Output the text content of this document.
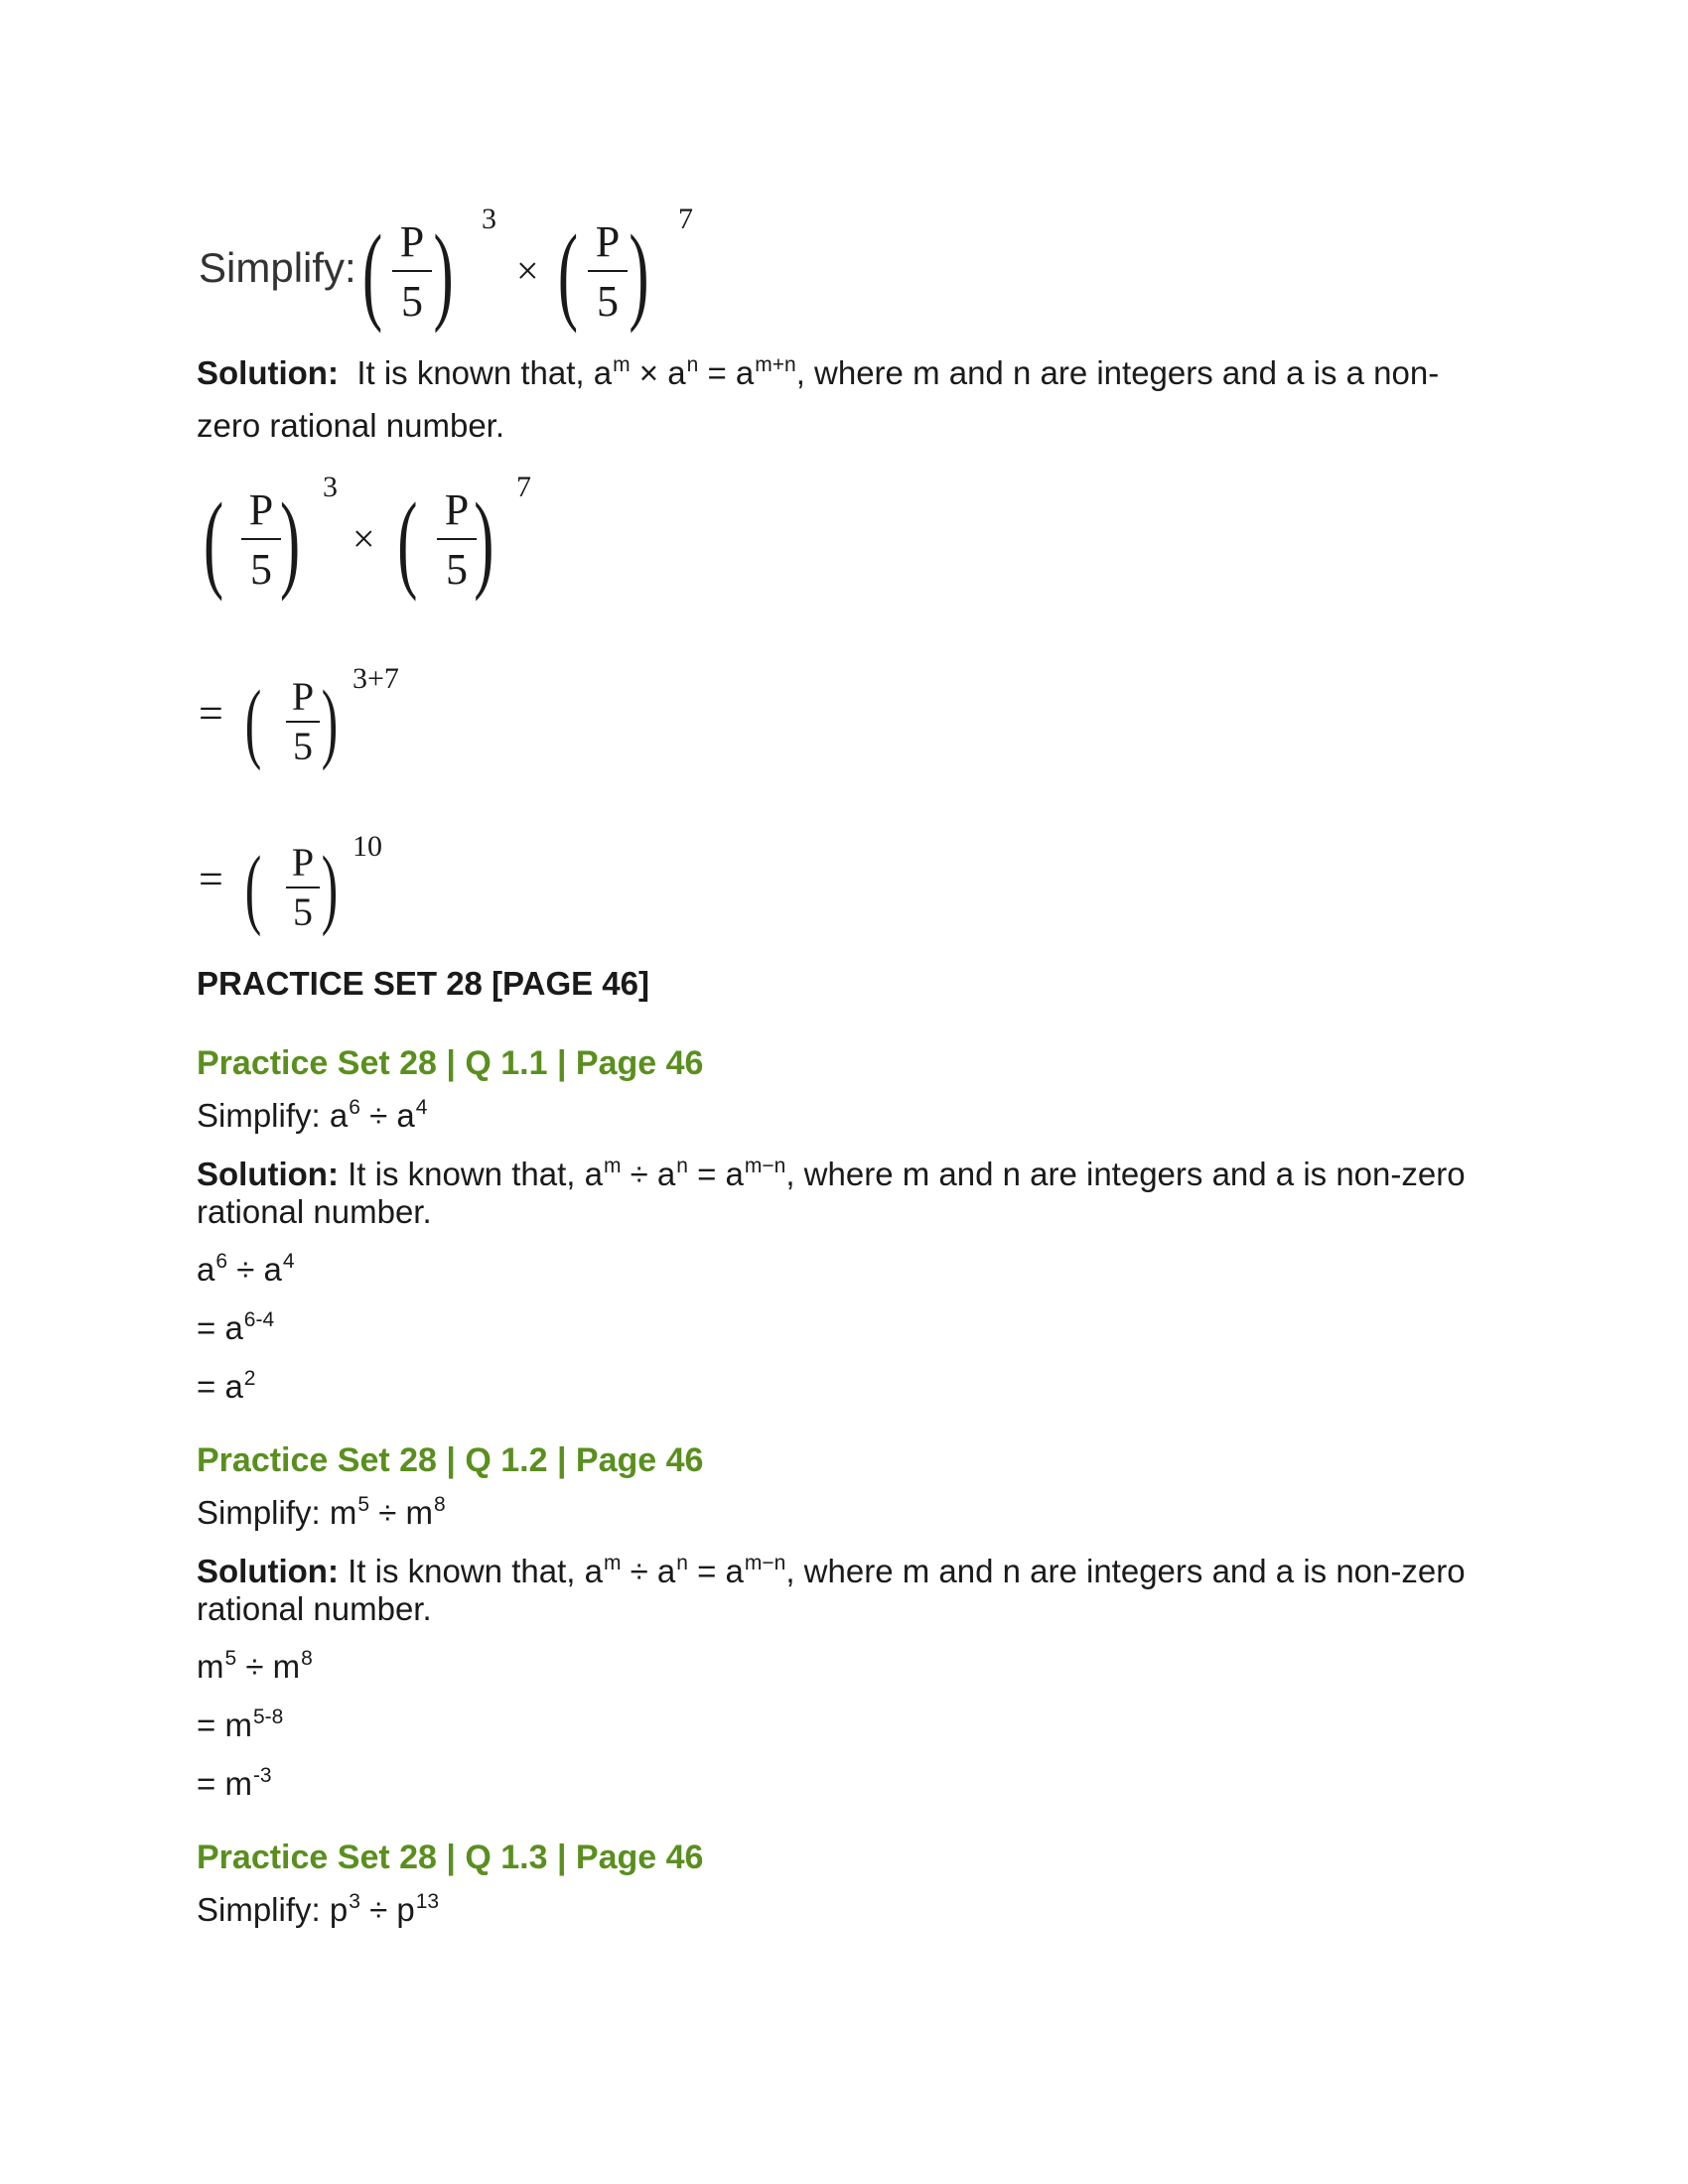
Simplify: ( P
5 ) 3
× ( P
5 ) 7
Solution: It is known that, $a^m \times a^n = a^{m+n}$, where m and n are integers and a is a non-
zero rational number.
( P
5 ) 3
× ( P
5 ) 7
= ( P
5 ) 3+7
= ( P
5 ) 10
PRACTICE SET 28 [PAGE 46]
Practice Set 28 | Q 1.1 | Page 46
Simplify: $a^6 \div a^4$
Solution: It is known that, $a^m \div a^n = a^{m-n}$, where m and n are integers and a is non-zero
rational number.
$a^6 \div a^4$
= $a^{6-4}$
= $a^2$
Practice Set 28 | Q 1.2 | Page 46
Simplify: $m^5 \div m^8$
Solution: It is known that, $a^m \div a^n = a^{m-n}$, where m and n are integers and a is non-zero
rational number.
$m^5 \div m^8$
= $m^{5-8}$
= $m^{-3}$
Practice Set 28 | Q 1.3 | Page 46
Simplify: $p^3 \div p^{13}$
